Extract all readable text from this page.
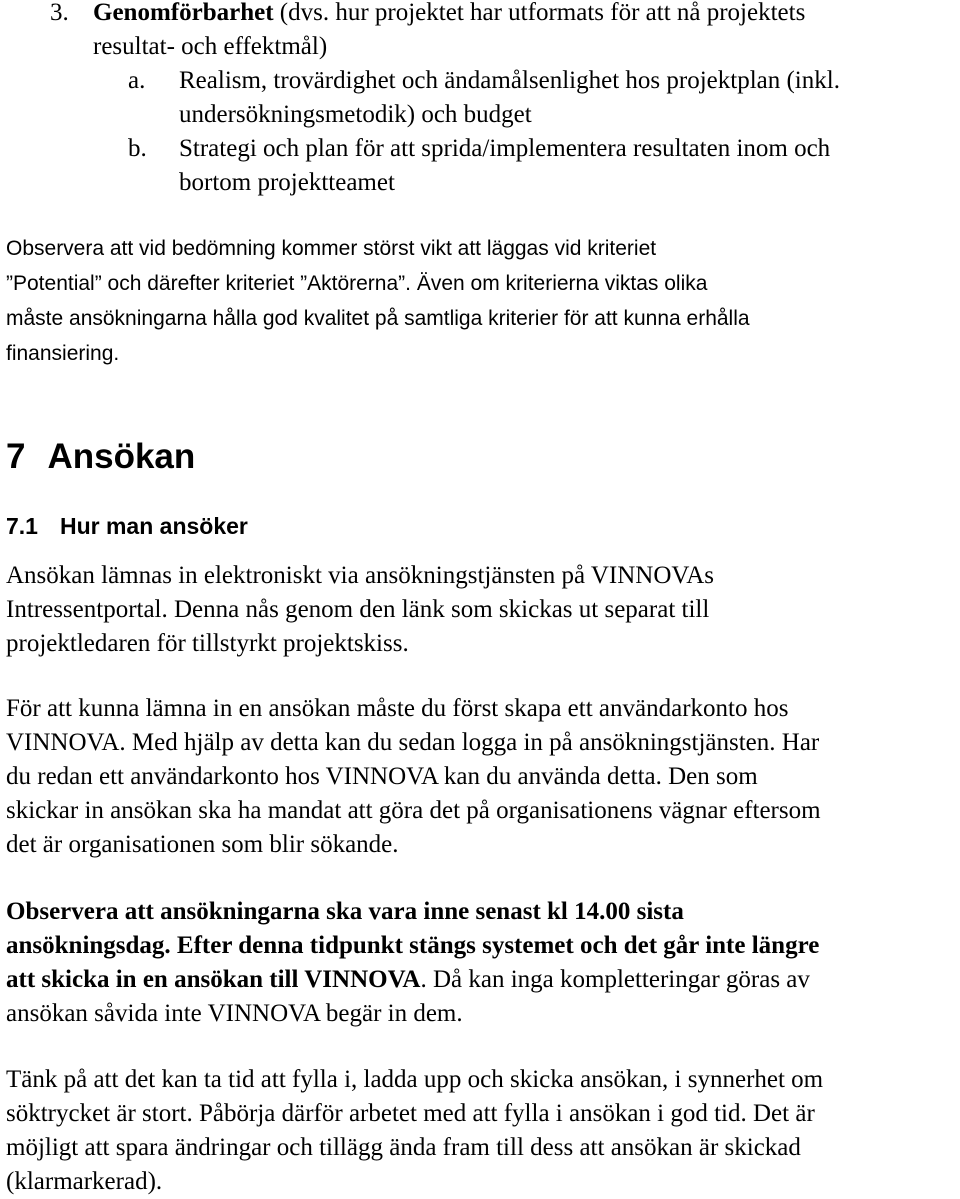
3. Genomförbarhet (dvs. hur projektet har utformats för att nå projektets
resultat- och effektmål)
a. Realism, trovärdighet och ändamålsenlighet hos projektplan (inkl.
undersökningsmetodik) och budget
b. Strategi och plan för att sprida/implementera resultaten inom och
bortom projektteamet
Observera att vid bedömning kommer störst vikt att läggas vid kriteriet
”Potential” och därefter kriteriet ”Aktörerna”. Även om kriterierna viktas olika
måste ansökningarna hålla god kvalitet på samtliga kriterier för att kunna erhålla
finansiering.
7 Ansökan
7.1 Hur man ansöker
Ansökan lämnas in elektroniskt via ansökningstjänsten på VINNOVAs
Intressentportal. Denna nås genom den länk som skickas ut separat till
projektledaren för tillstyrkt projektskiss.
För att kunna lämna in en ansökan måste du först skapa ett användarkonto hos
VINNOVA. Med hjälp av detta kan du sedan logga in på ansökningstjänsten. Har
du redan ett användarkonto hos VINNOVA kan du använda detta. Den som
skickar in ansökan ska ha mandat att göra det på organisationens vägnar eftersom
det är organisationen som blir sökande.
Observera att ansökningarna ska vara inne senast kl 14.00 sista
ansökningsdag. Efter denna tidpunkt stängs systemet och det går inte längre
att skicka in en ansökan till VINNOVA. Då kan inga kompletteringar göras av
ansökan såvida inte VINNOVA begär in dem.
Tänk på att det kan ta tid att fylla i, ladda upp och skicka ansökan, i synnerhet om
söktrycket är stort. Påbörja därför arbetet med att fylla i ansökan i god tid. Det är
möjligt att spara ändringar och tillägg ända fram till dess att ansökan är skickad
(klarmarkerad).
